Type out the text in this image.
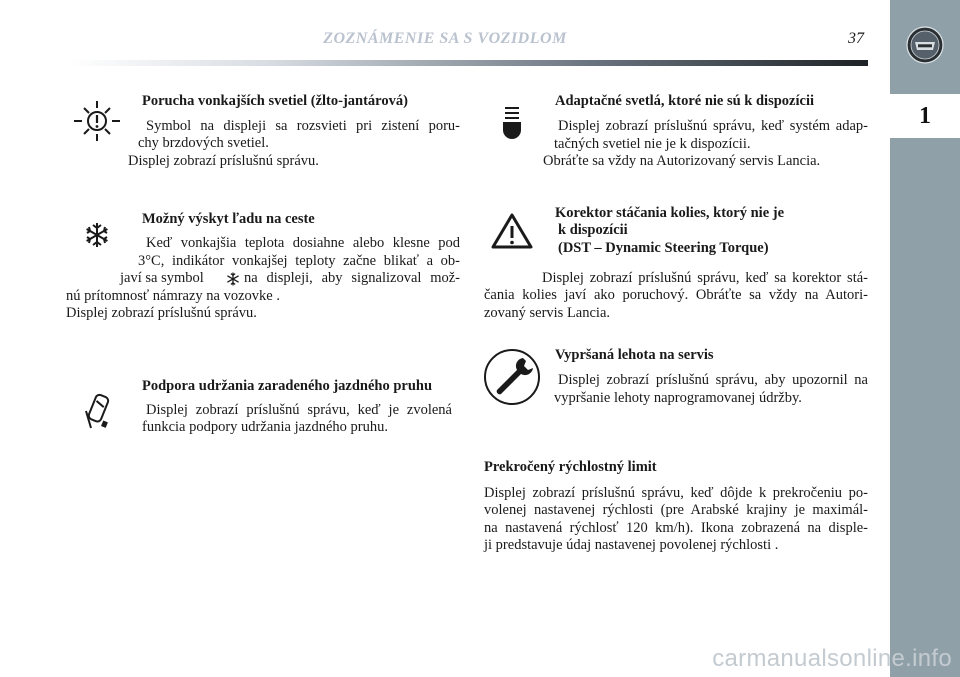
ZOZNÁMENIE SA S VOZIDLOM	37
1
Porucha vonkajších svetiel (žlto-jantárová)
Symbol na displeji sa rozsvieti pri zistení poru-
chy brzdových svetiel.
Displej zobrazí príslušnú správu.
Možný výskyt ľadu na ceste
Keď vonkajšia teplota dosiahne alebo klesne pod
3°C, indikátor vonkajšej teploty začne blikať a ob-
javí sa symbol	na displeji, aby signalizoval mož-
nú prítomnosť námrazy na vozovke .
Displej zobrazí príslušnú správu.
Podpora udržania zaradeného jazdného pruhu
Displej zobrazí príslušnú správu, keď je zvolená
funkcia podpory udržania jazdného pruhu.
Adaptačné svetlá, ktoré nie sú k dispozícii
Displej zobrazí príslušnú správu, keď systém adap-
tačných svetiel nie je k dispozícii.
Obráťte sa vždy na Autorizovaný servis Lancia.
Korektor stáčania kolies, ktorý nie je
k dispozícii
(DST – Dynamic Steering Torque)
Displej zobrazí príslušnú správu, keď sa korektor stá-
čania kolies javí ako poruchový. Obráťte sa vždy na Autori-
zovaný servis Lancia.
Vypršaná lehota na servis
Displej zobrazí príslušnú správu, aby upozornil na
vypršanie lehoty naprogramovanej údržby.
Prekročený rýchlostný limit
Displej zobrazí príslušnú správu, keď dôjde k prekročeniu po-
volenej nastavenej rýchlosti (pre Arabské krajiny je maximál-
na nastavená rýchlosť 120 km/h). Ikona zobrazená na disple-
ji predstavuje údaj nastavenej povolenej rýchlosti .
carmanualsonline.info
